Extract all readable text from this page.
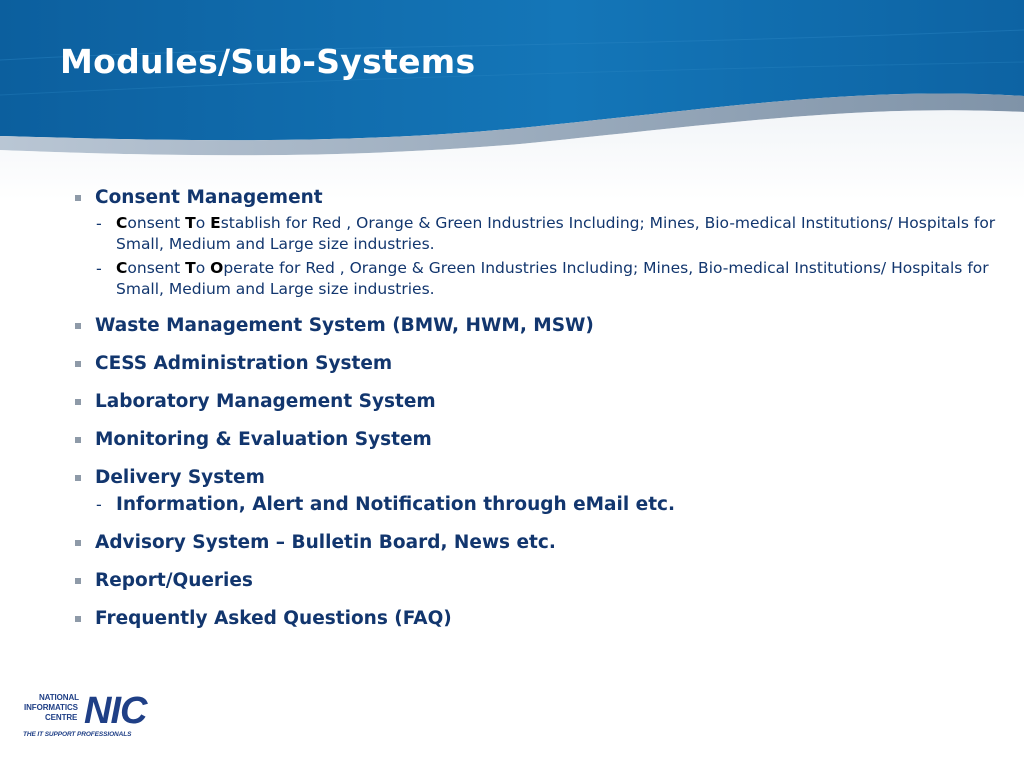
Modules/Sub-Systems
Consent Management
- Consent To Establish for Red , Orange & Green Industries Including; Mines, Bio-medical Institutions/ Hospitals for Small, Medium and Large size industries.
- Consent To Operate for Red , Orange & Green Industries Including; Mines, Bio-medical Institutions/ Hospitals for Small, Medium and Large size industries.
Waste Management System (BMW, HWM, MSW)
CESS Administration System
Laboratory Management System
Monitoring & Evaluation System
Delivery System
- Information, Alert and Notification through eMail etc.
Advisory System – Bulletin Board, News etc.
Report/Queries
Frequently Asked Questions (FAQ)
NATIONAL
INFORMATICS
CENTRE NIC
THE IT SUPPORT PROFESSIONALS
